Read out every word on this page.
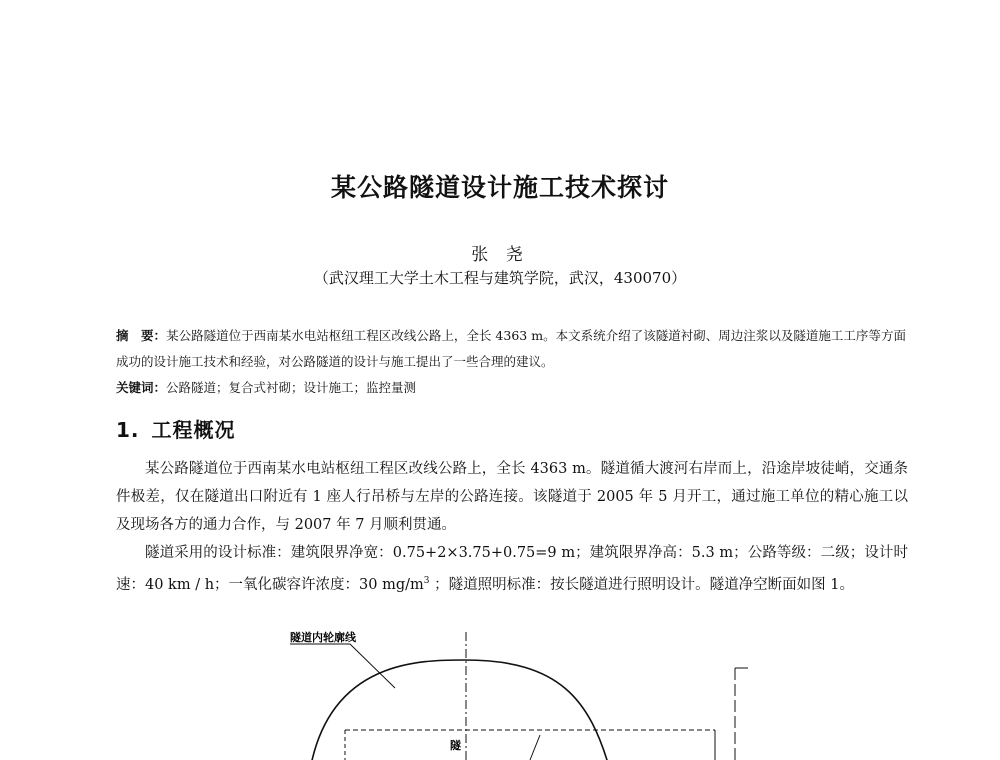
某公路隧道设计施工技术探讨
张 尧
（武汉理工大学土木工程与建筑学院，武汉，430070）
摘　要：某公路隧道位于西南某水电站枢纽工程区改线公路上，全长 4363 m。本文系统介绍了该隧道衬砌、周边注浆以及隧道施工工序等方面成功的设计施工技术和经验，对公路隧道的设计与施工提出了一些合理的建议。
关键词：公路隧道；复合式衬砌；设计施工；监控量测
1. 工程概况
某公路隧道位于西南某水电站枢纽工程区改线公路上，全长 4363 m。隧道循大渡河右岸而上，沿途岸坡徒峭，交通条件极差，仅在隧道出口附近有 1 座人行吊桥与左岸的公路连接。该隧道于 2005 年 5 月开工，通过施工单位的精心施工以及现场各方的通力合作，与 2007 年 7 月顺利贯通。
隧道采用的设计标准：建筑限界净宽：0.75+2×3.75+0.75=9 m；建筑限界净高：5.3 m；公路等级：二级；设计时速：40 km / h；一氧化碳容许浓度：30 $mg/m^3$ ；隧道照明标准：按长隧道进行照明设计。隧道净空断面如图 1。
隧道内轮廓线
隧
